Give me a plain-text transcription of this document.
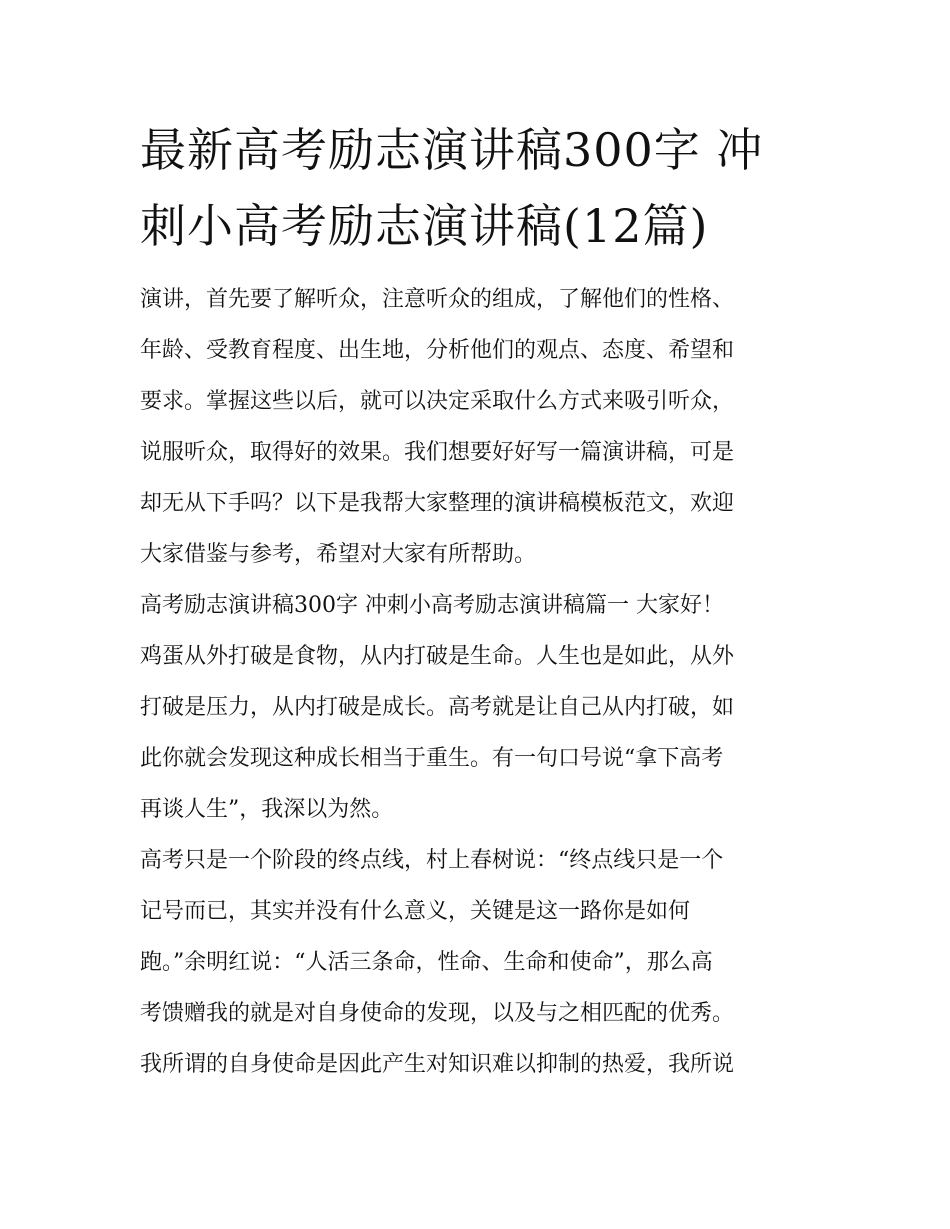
最新高考励志演讲稿300字 冲
刺小高考励志演讲稿(12篇)

演讲，首先要了解听众，注意听众的组成，了解他们的性格、
年龄、受教育程度、出生地，分析他们的观点、态度、希望和
要求。掌握这些以后，就可以决定采取什么方式来吸引听众，
说服听众，取得好的效果。我们想要好好写一篇演讲稿，可是
却无从下手吗？以下是我帮大家整理的演讲稿模板范文，欢迎
大家借鉴与参考，希望对大家有所帮助。

高考励志演讲稿300字 冲刺小高考励志演讲稿篇一 大家好！
鸡蛋从外打破是食物，从内打破是生命。人生也是如此，从外
打破是压力，从内打破是成长。高考就是让自己从内打破，如
此你就会发现这种成长相当于重生。有一句口号说“拿下高考
再谈人生”，我深以为然。

高考只是一个阶段的终点线，村上春树说：“终点线只是一个
记号而已，其实并没有什么意义，关键是这一路你是如何
跑。”余明红说：“人活三条命，性命、生命和使命”，那么高
考馈赠我的就是对自身使命的发现，以及与之相匹配的优秀。
我所谓的自身使命是因此产生对知识难以抑制的热爱，我所说
